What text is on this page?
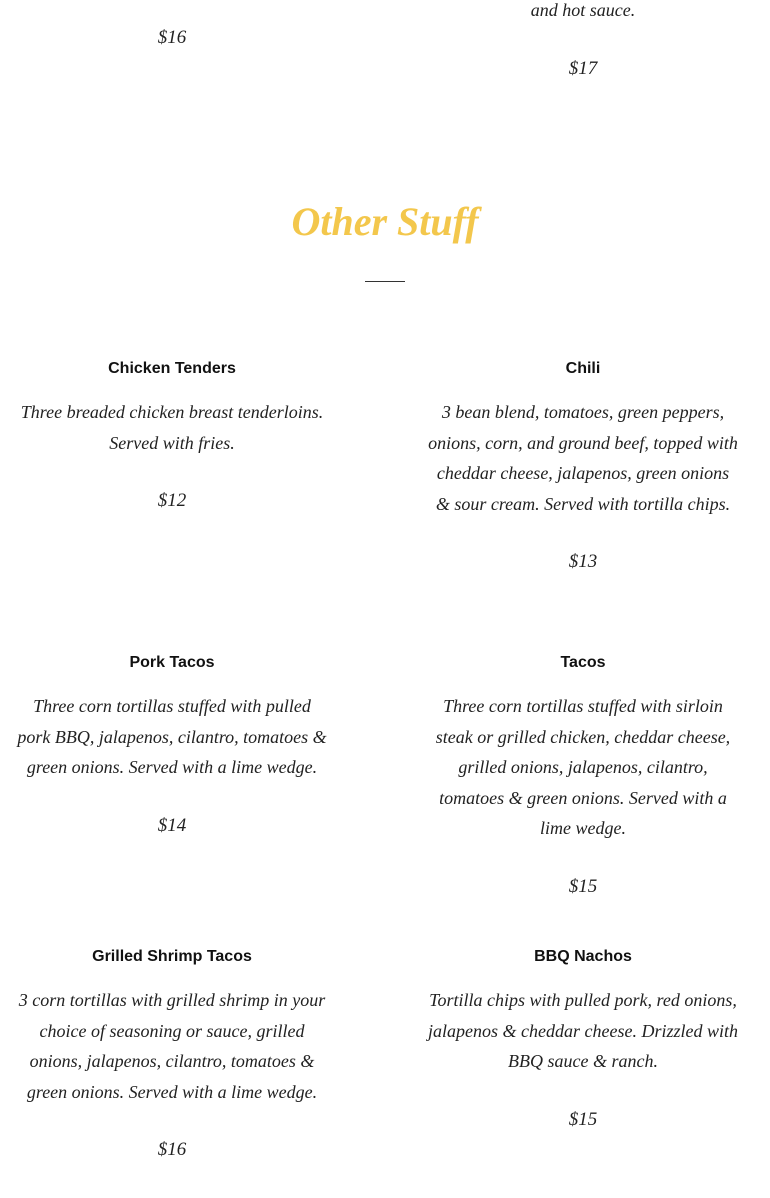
$16
and hot sauce.
$17
Other Stuff

Chicken Tenders

Three breaded chicken breast tenderloins. Served with fries.

$12

Chili

3 bean blend, tomatoes, green peppers, onions, corn, and ground beef, topped with cheddar cheese, jalapenos, green onions & sour cream. Served with tortilla chips.

$13

Pork Tacos

Three corn tortillas stuffed with pulled pork BBQ, jalapenos, cilantro, tomatoes & green onions. Served with a lime wedge.

$14

Tacos

Three corn tortillas stuffed with sirloin steak or grilled chicken, cheddar cheese, grilled onions, jalapenos, cilantro, tomatoes & green onions. Served with a lime wedge.

$15

Grilled Shrimp Tacos

3 corn tortillas with grilled shrimp in your choice of seasoning or sauce, grilled onions, jalapenos, cilantro, tomatoes & green onions. Served with a lime wedge.

$16

BBQ Nachos

Tortilla chips with pulled pork, red onions, jalapenos & cheddar cheese. Drizzled with BBQ sauce & ranch.

$15
